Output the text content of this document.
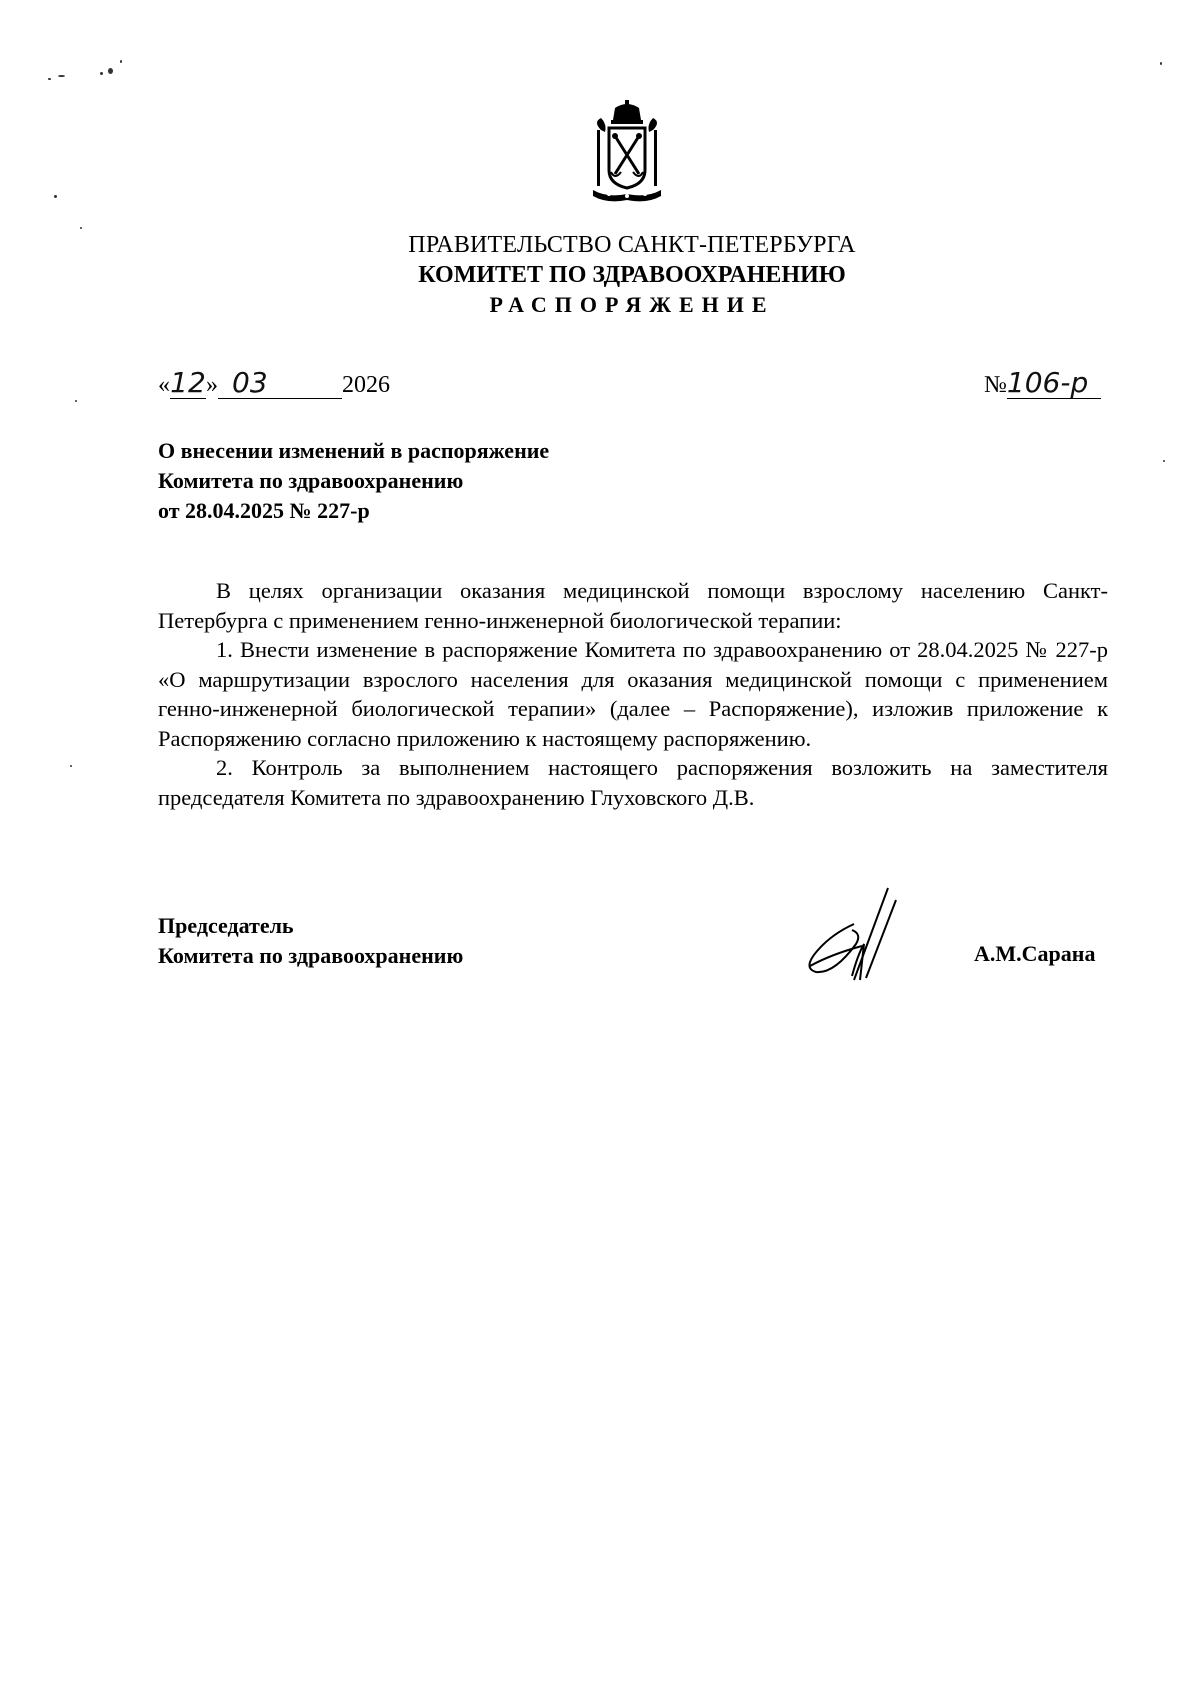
ПРАВИТЕЛЬСТВО САНКТ-ПЕТЕРБУРГА
КОМИТЕТ ПО ЗДРАВООХРАНЕНИЮ
РАСПОРЯЖЕНИЕ
«12» 03	2026	№106-р
О внесении изменений в распоряжение
Комитета по здравоохранению
от 28.04.2025 № 227-р

В целях организации оказания медицинской помощи взрослому населению Санкт-Петербурга с применением генно-инженерной биологической терапии:

1. Внести изменение в распоряжение Комитета по здравоохранению от 28.04.2025 № 227-р «О маршрутизации взрослого населения для оказания медицинской помощи с применением генно-инженерной биологической терапии» (далее – Распоряжение), изложив приложение к Распоряжению согласно приложению к настоящему распоряжению.

2. Контроль за выполнением настоящего распоряжения возложить на заместителя председателя Комитета по здравоохранению Глуховского Д.В.

Председатель
Комитета по здравоохранению	А.М.Сарана
